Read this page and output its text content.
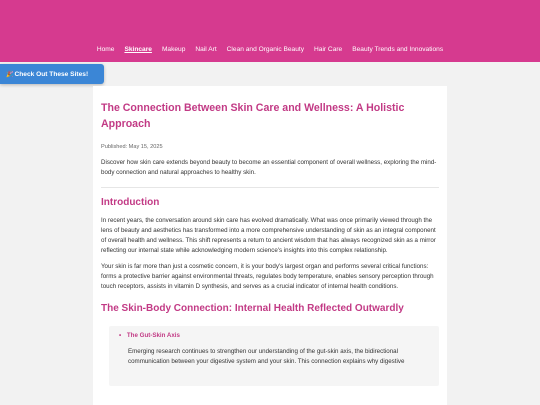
Home Skincare Makeup Nail Art Clean and Organic Beauty Hair Care Beauty Trends and Innovations
🎉 Check Out These Sites!
The Connection Between Skin Care and Wellness: A Holistic Approach
Published: May 15, 2025

Discover how skin care extends beyond beauty to become an essential component of overall wellness, exploring the mind-body connection and natural approaches to healthy skin.

Introduction

In recent years, the conversation around skin care has evolved dramatically. What was once primarily viewed through the lens of beauty and aesthetics has transformed into a more comprehensive understanding of skin as an integral component of overall health and wellness. This shift represents a return to ancient wisdom that has always recognized skin as a mirror reflecting our internal state while acknowledging modern science's insights into this complex relationship.

Your skin is far more than just a cosmetic concern, it is your body's largest organ and performs several critical functions: forms a protective barrier against environmental threats, regulates body temperature, enables sensory perception through touch receptors, assists in vitamin D synthesis, and serves as a crucial indicator of internal health conditions.

The Skin-Body Connection: Internal Health Reflected Outwardly
• The Gut-Skin Axis

Emerging research continues to strengthen our understanding of the gut-skin axis, the bidirectional communication between your digestive system and your skin. This connection explains why digestive
